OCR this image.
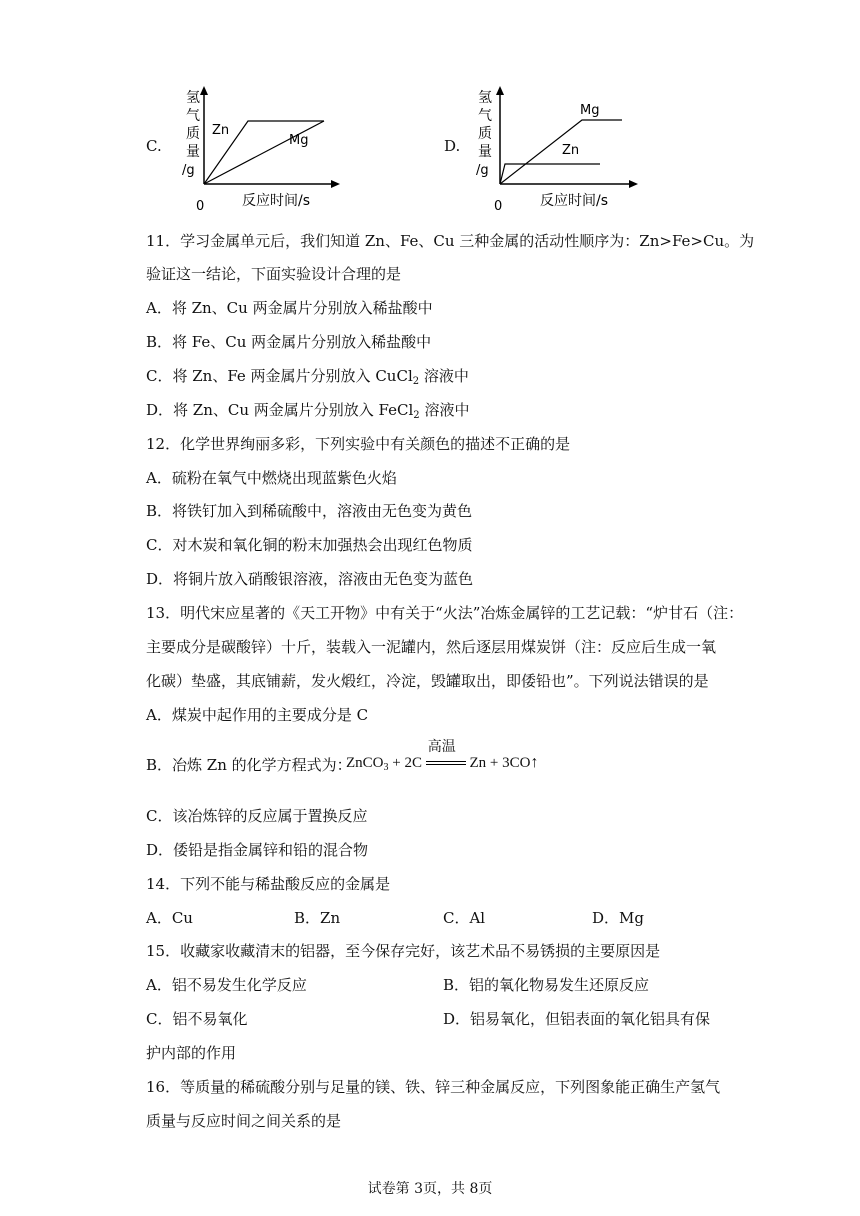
C.
氢
气
质
量
/g
Zn
Mg
0	反应时间/s
D.
氢
气
质
量
/g
Mg
Zn
0	反应时间/s
11．学习金属单元后，我们知道 Zn、Fe、Cu 三种金属的活动性顺序为：Zn>Fe>Cu。为
验证这一结论，下面实验设计合理的是
A．将 Zn、Cu 两金属片分别放入稀盐酸中
B．将 Fe、Cu 两金属片分别放入稀盐酸中
C．将 Zn、Fe 两金属片分别放入 CuCl$_2$ 溶液中
D．将 Zn、Cu 两金属片分别放入 FeCl$_2$ 溶液中
12．化学世界绚丽多彩，下列实验中有关颜色的描述不正确的是
A．硫粉在氧气中燃烧出现蓝紫色火焰
B．将铁钉加入到稀硫酸中，溶液由无色变为黄色
C．对木炭和氧化铜的粉末加强热会出现红色物质
D．将铜片放入硝酸银溶液，溶液由无色变为蓝色
13．明代宋应星著的《天工开物》中有关于“火法”冶炼金属锌的工艺记载：“炉甘石（注：
主要成分是碳酸锌）十斤，装载入一泥罐内，然后逐层用煤炭饼（注：反应后生成一氧
化碳）垫盛，其底铺薪，发火煅红，冷淀，毁罐取出，即倭铅也”。下列说法错误的是
A．煤炭中起作用的主要成分是 C
B．冶炼 Zn 的化学方程式为：
ZnCO$_3$ + 2C
高温
Zn + 3CO↑
C．该冶炼锌的反应属于置换反应
D．倭铅是指金属锌和铅的混合物
14．下列不能与稀盐酸反应的金属是
A．Cu	B．Zn	C．Al	D．Mg
15．收藏家收藏清末的铝器，至今保存完好，该艺术品不易锈损的主要原因是
A．铝不易发生化学反应	B．铝的氧化物易发生还原反应
C．铝不易氧化	D．铝易氧化，但铝表面的氧化铝具有保
护内部的作用
16．等质量的稀硫酸分别与足量的镁、铁、锌三种金属反应，下列图象能正确生产氢气
质量与反应时间之间关系的是
试卷第 3页，共 8页
